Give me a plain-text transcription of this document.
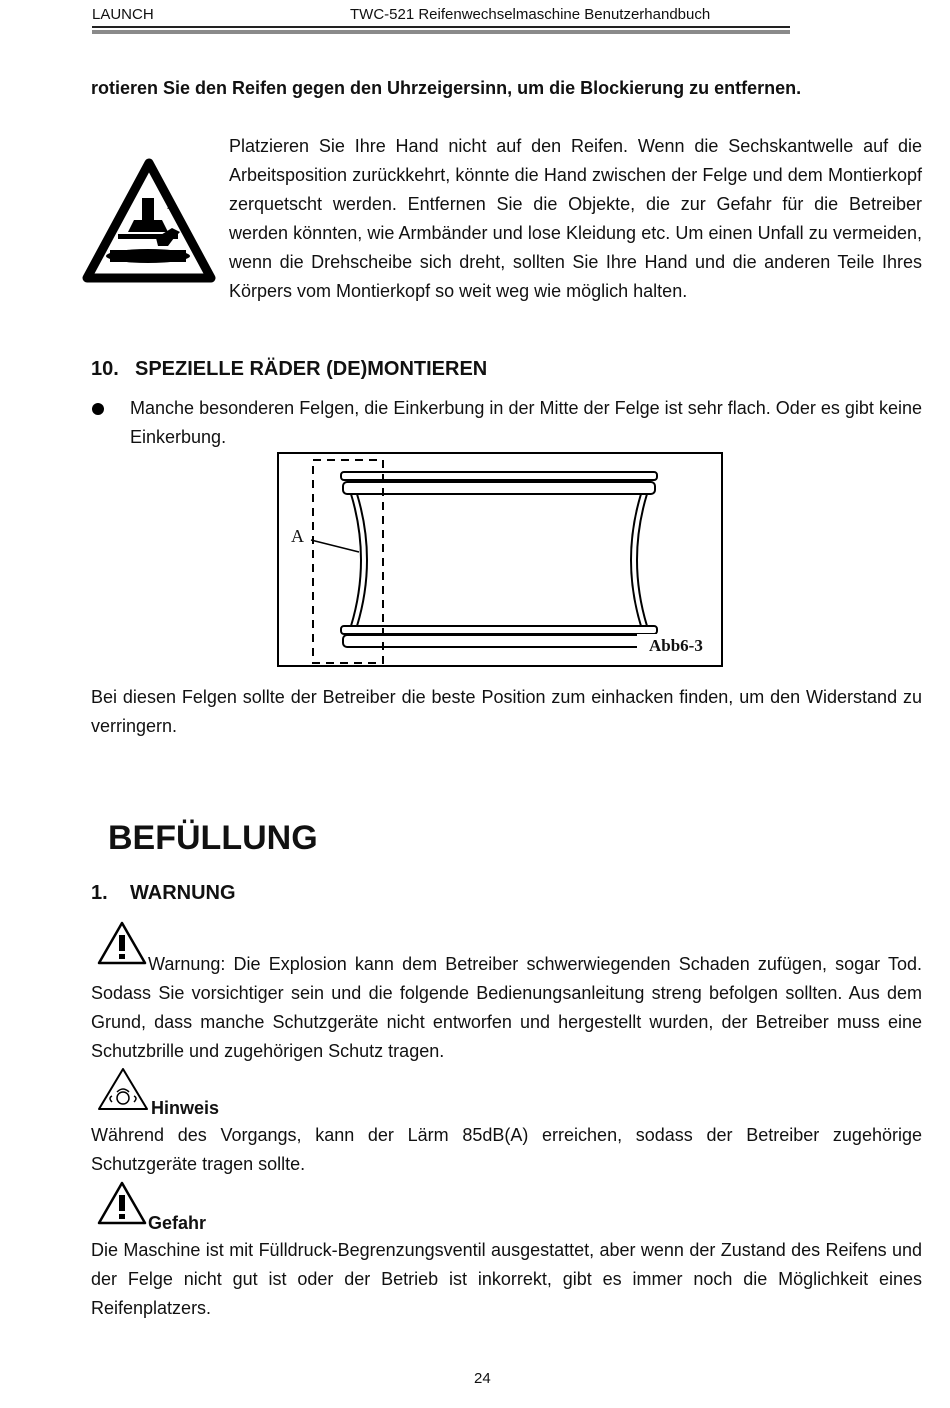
LAUNCH	TWC-521 Reifenwechselmaschine Benutzerhandbuch
rotieren Sie den Reifen gegen den Uhrzeigersinn, um die Blockierung zu entfernen.
*
*7*
Platzieren Sie Ihre Hand nicht auf den Reifen. Wenn die Sechskantwelle auf die Arbeitsposition zurückkehrt, könnte die Hand zwischen der Felge und dem Montierkopf zerquetscht werden. Entfernen Sie die Objekte, die zur Gefahr für die Betreiber werden könnten, wie Armbänder und lose Kleidung etc. Um einen Unfall zu vermeiden, wenn die Drehscheibe sich dreht, sollten Sie Ihre Hand und die anderen Teile Ihres Körpers vom Montierkopf so weit weg wie möglich halten.
10. SPEZIELLE RÄDER (DE)MONTIEREN
Manche besonderen Felgen, die Einkerbung in der Mitte der Felge ist sehr flach. Oder es gibt keine Einkerbung.
A
Abb6-3
Bei diesen Felgen sollte der Betreiber die beste Position zum einhacken finden, um den Widerstand zu verringern.
BEFÜLLUNG
1. WARNUNG
Warnung: Die Explosion kann dem Betreiber schwerwiegenden Schaden zufügen, sogar Tod. Sodass Sie vorsichtiger sein und die folgende Bedienungsanleitung streng befolgen sollten. Aus dem Grund, dass manche Schutzgeräte nicht entworfen und hergestellt wurden, der Betreiber muss eine Schutzbrille und zugehörigen Schutz tragen.
Hinweis
Während des Vorgangs, kann der Lärm 85dB(A) erreichen, sodass der Betreiber zugehörige Schutzgeräte tragen sollte.
Gefahr
Die Maschine ist mit Fülldruck-Begrenzungsventil ausgestattet, aber wenn der Zustand des Reifens und der Felge nicht gut ist oder der Betrieb ist inkorrekt, gibt es immer noch die Möglichkeit eines Reifenplatzers.
24
